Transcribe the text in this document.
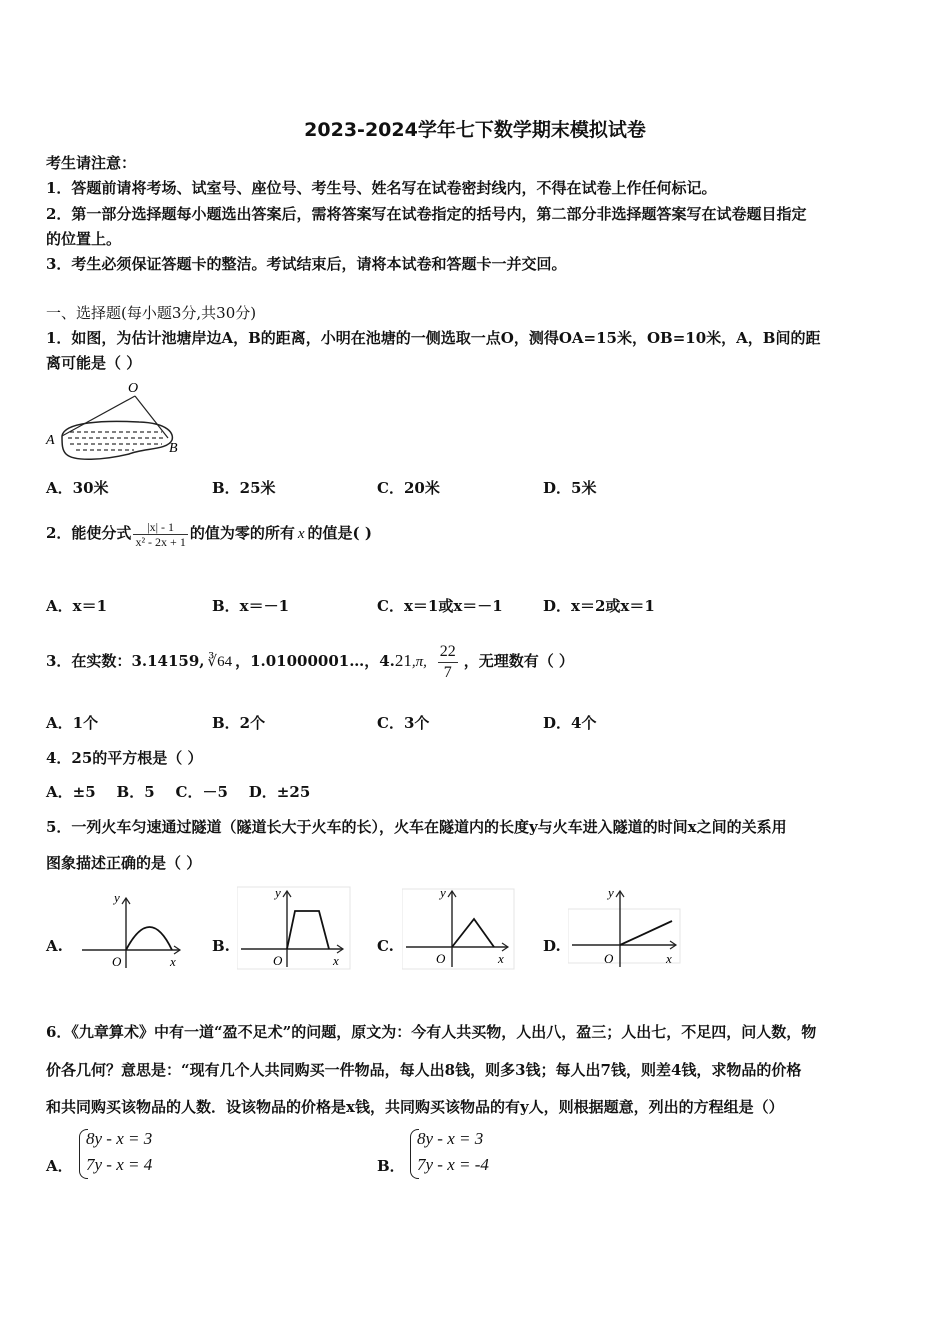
2023-2024学年七下数学期末模拟试卷
考生请注意：
1．答题前请将考场、试室号、座位号、考生号、姓名写在试卷密封线内，不得在试卷上作任何标记。
2．第一部分选择题每小题选出答案后，需将答案写在试卷指定的括号内，第二部分非选择题答案写在试卷题目指定
的位置上。
3．考生必须保证答题卡的整洁。考试结束后，请将本试卷和答题卡一并交回。
一、选择题(每小题3分,共30分)
1．如图，为估计池塘岸边A，B的距离，小明在池塘的一侧选取一点O，测得OA=15米，OB=10米，A，B间的距
离可能是（ ）
O
A
B
A．30米	B．25米	C．20米	D．5米
2．能使分式 $\frac{|x| - 1}{\text{x² - 2x + 1}}$ 的值为零的所有 x 的值是( )
A．x＝1	B．x＝－1	C．x＝1或x＝－1	D．x＝2或x＝1
3．在实数：3.14159, ∛64 ，1.01000001…，4.21,π, $\frac{22}{7}$ ，无理数有（ ）
A．1个	B．2个	C．3个	D．4个
4．25的平方根是（ ）
A．±5    B．5    C．－5    D．±25
5．一列火车匀速通过隧道（隧道长大于火车的长），火车在隧道内的长度y与火车进入隧道的时间x之间的关系用
图象描述正确的是（ ）
A.	B.	C.	D.
y
x
O
y
x
O
y
x
O
y
x
O
6．《九章算术》中有一道“盈不足术”的问题，原文为：今有人共买物，人出八，盈三；人出七，不足四，问人数，物
价各几何？意思是：“现有几个人共同购买一件物品，每人出8钱，则多3钱；每人出7钱，则差4钱，求物品的价格
和共同购买该物品的人数．设该物品的价格是x钱，共同购买该物品的有y人，则根据题意，列出的方程组是（）
A．
8y - x = 3
7y - x = 4	B．
8y - x = 3
7y - x = -4
